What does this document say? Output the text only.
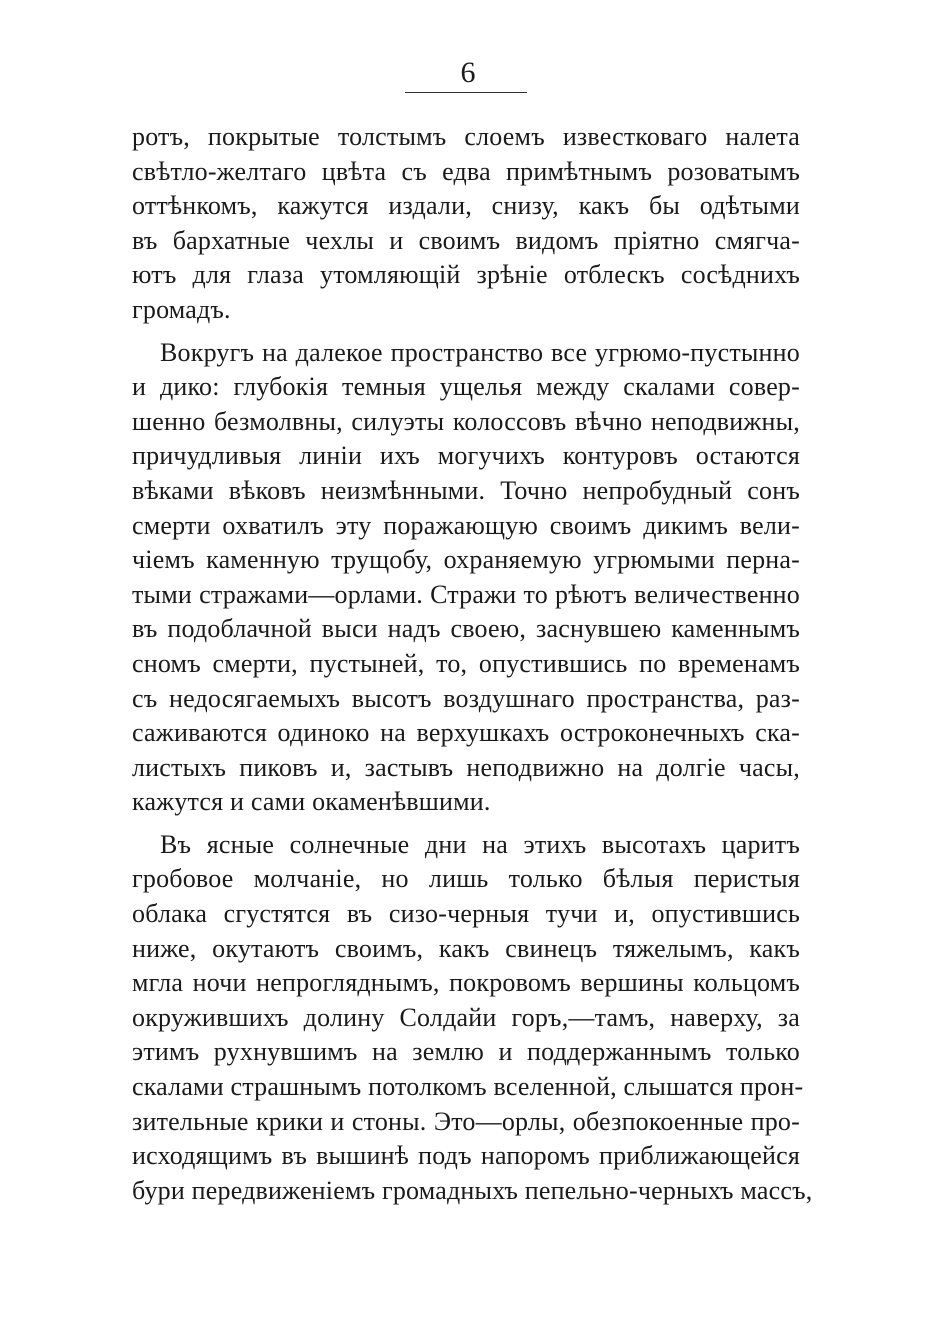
6
ротъ, покрытые толстымъ слоемъ известковаго налета
свѣтло-желтаго цвѣта съ едва примѣтнымъ розоватымъ
оттѣнкомъ, кажутся издали, снизу, какъ бы одѣтыми
въ бархатные чехлы и своимъ видомъ пріятно смягча-
ютъ для глаза утомляющій зрѣніе отблескъ сосѣднихъ
громадъ.
Вокругъ на далекое пространство все угрюмо-пустынно
и дико: глубокія темныя ущелья между скалами совер-
шенно безмолвны, силуэты колоссовъ вѣчно неподвижны,
причудливыя линіи ихъ могучихъ контуровъ остаются
вѣками вѣковъ неизмѣнными. Точно непробудный сонъ
смерти охватилъ эту поражающую своимъ дикимъ вели-
чіемъ каменную трущобу, охраняемую угрюмыми перна-
тыми стражами—орлами. Стражи то рѣютъ величественно
въ подоблачной выси надъ своею, заснувшею каменнымъ
сномъ смерти, пустыней, то, опустившись по временамъ
съ недосягаемыхъ высотъ воздушнаго пространства, раз-
саживаются одиноко на верхушкахъ остроконечныхъ ска-
листыхъ пиковъ и, застывъ неподвижно на долгіе часы,
кажутся и сами окаменѣвшими.
Въ ясные солнечные дни на этихъ высотахъ царитъ
гробовое молчаніе, но лишь только бѣлыя перистыя
облака сгустятся въ сизо-черныя тучи и, опустившись
ниже, окутаютъ своимъ, какъ свинецъ тяжелымъ, какъ
мгла ночи непрогляднымъ, покровомъ вершины кольцомъ
окружившихъ долину Солдайи горъ,—тамъ, наверху, за
этимъ рухнувшимъ на землю и поддержаннымъ только
скалами страшнымъ потолкомъ вселенной, слышатся прон-
зительные крики и стоны. Это—орлы, обезпокоенные про-
исходящимъ въ вышинѣ подъ напоромъ приближающейся
бури передвиженіемъ громадныхъ пепельно-черныхъ массъ,
